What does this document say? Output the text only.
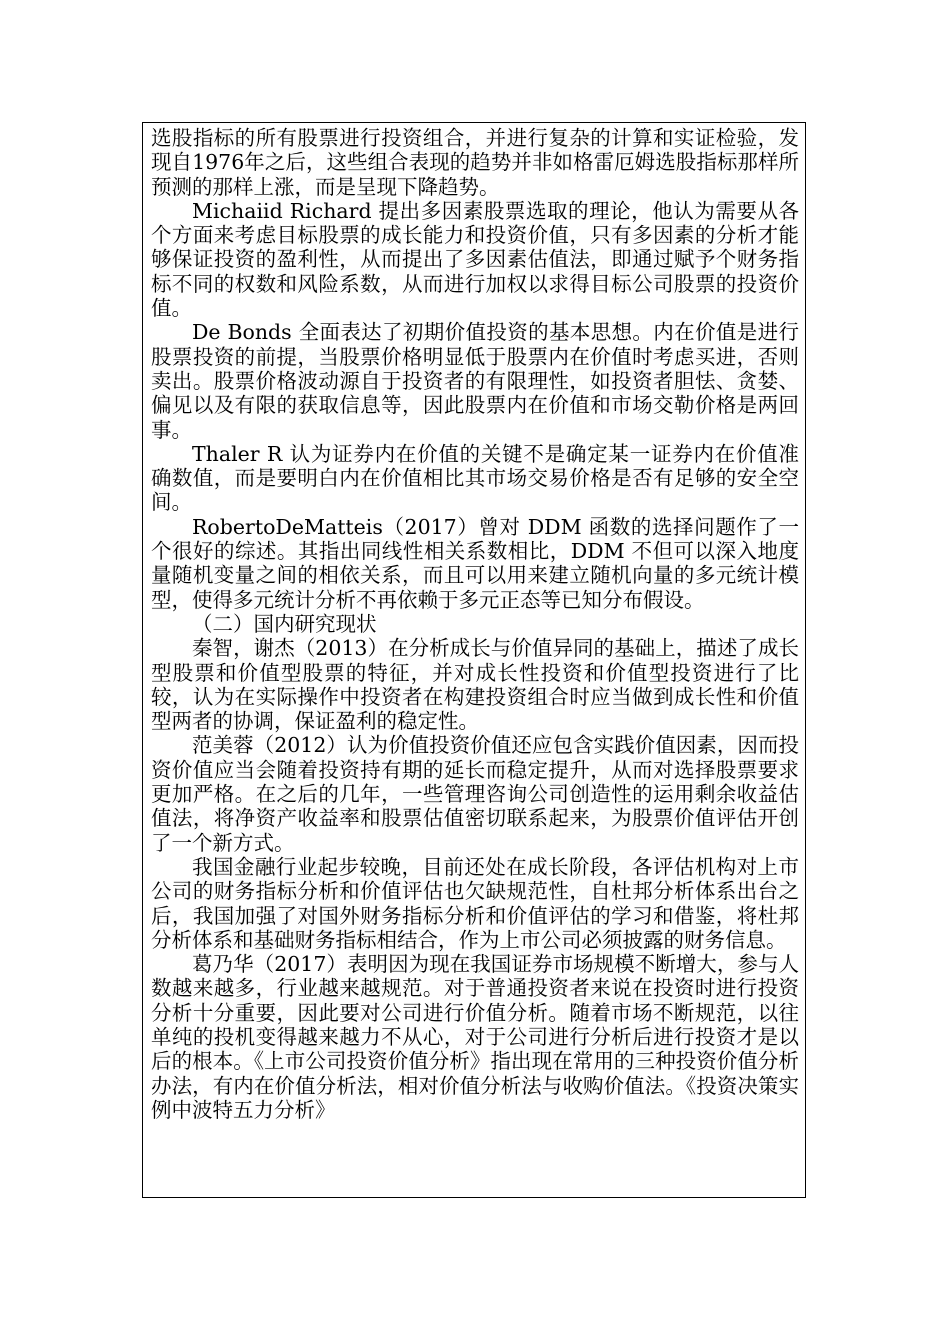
选股指标的所有股票进行投资组合，并进行复杂的计算和实证检验，发现自1976年之后，这些组合表现的趋势并非如格雷厄姆选股指标那样所预测的那样上涨，而是呈现下降趋势。

Michaiid Richard 提出多因素股票选取的理论，他认为需要从各个方面来考虑目标股票的成长能力和投资价值，只有多因素的分析才能够保证投资的盈利性，从而提出了多因素估值法，即通过赋予个财务指标不同的权数和风险系数，从而进行加权以求得目标公司股票的投资价值。

De Bonds 全面表达了初期价值投资的基本思想。内在价值是进行股票投资的前提，当股票价格明显低于股票内在价值时考虑买进，否则卖出。股票价格波动源自于投资者的有限理性，如投资者胆怯、贪婪、偏见以及有限的获取信息等，因此股票内在价值和市场交勒价格是两回事。

Thaler R 认为证券内在价值的关键不是确定某一证券内在价值准确数值，而是要明白内在价值相比其市场交易价格是否有足够的安全空间。

RobertoDeMatteis（2017）曾对 DDM 函数的选择问题作了一个很好的综述。其指出同线性相关系数相比，DDM 不但可以深入地度量随机变量之间的相依关系，而且可以用来建立随机向量的多元统计模型，使得多元统计分析不再依赖于多元正态等已知分布假设。

（二）国内研究现状

秦智，谢杰（2013）在分析成长与价值异同的基础上，描述了成长型股票和价值型股票的特征，并对成长性投资和价值型投资进行了比较，认为在实际操作中投资者在构建投资组合时应当做到成长性和价值型两者的协调，保证盈利的稳定性。

范美蓉（2012）认为价值投资价值还应包含实践价值因素，因而投资价值应当会随着投资持有期的延长而稳定提升，从而对选择股票要求更加严格。在之后的几年，一些管理咨询公司创造性的运用剩余收益估值法，将净资产收益率和股票估值密切联系起来，为股票价值评估开创了一个新方式。

我国金融行业起步较晚，目前还处在成长阶段，各评估机构对上市公司的财务指标分析和价值评估也欠缺规范性，自杜邦分析体系出台之后，我国加强了对国外财务指标分析和价值评估的学习和借鉴，将杜邦分析体系和基础财务指标相结合，作为上市公司必须披露的财务信息。

葛乃华（2017）表明因为现在我国证券市场规模不断增大，参与人数越来越多，行业越来越规范。对于普通投资者来说在投资时进行投资分析十分重要，因此要对公司进行价值分析。随着市场不断规范，以往单纯的投机变得越来越力不从心，对于公司进行分析后进行投资才是以后的根本。《上市公司投资价值分析》指出现在常用的三种投资价值分析办法，有内在价值分析法，相对价值分析法与收购价值法。《投资决策实例中波特五力分析》
